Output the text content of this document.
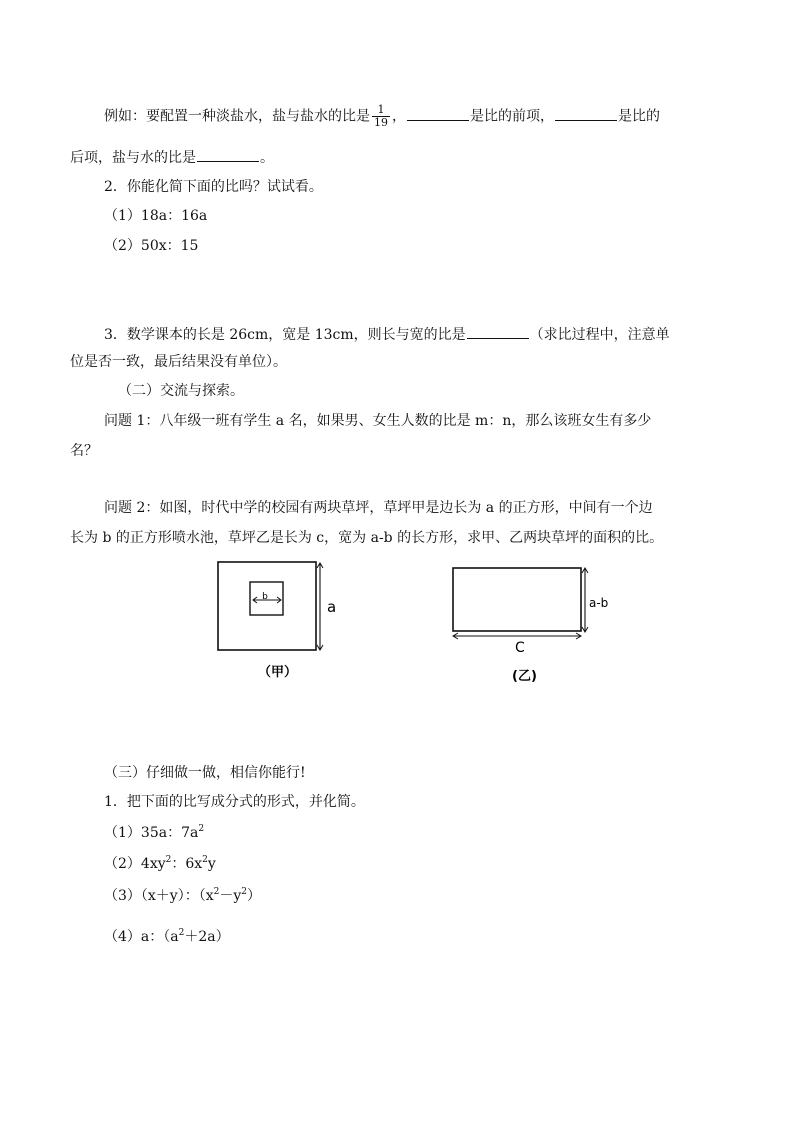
例如：要配置一种淡盐水，盐与盐水的比是 $\frac{1}{19}$ ，	是比的前项，	是比的
后项，盐与水的比是	。
2．你能化简下面的比吗？试试看。
（1）18a：16a
（2）50x：15
3．数学课本的长是 26cm，宽是 13cm，则长与宽的比是	（求比过程中，注意单
位是否一致，最后结果没有单位）。
（二）交流与探索。
问题 1：八年级一班有学生 a 名，如果男、女生人数的比是 m：n，那么该班女生有多少
名？
问题 2：如图，时代中学的校园有两块草坪，草坪甲是边长为 a 的正方形，中间有一个边
长为 b 的正方形喷水池，草坪乙是长为 c，宽为 a-b 的长方形，求甲、乙两块草坪的面积的比。
b
a
（甲）
a-b
C
(乙)
（三）仔细做一做，相信你能行!
1．把下面的比写成分式的形式，并化简。
（1）35a：$7a^2$
$(2)4xy^2$：$6x^2y$
（3）（x＋y）：$(x^2-y^2)$
（4）a：$(a^2+2a)$
